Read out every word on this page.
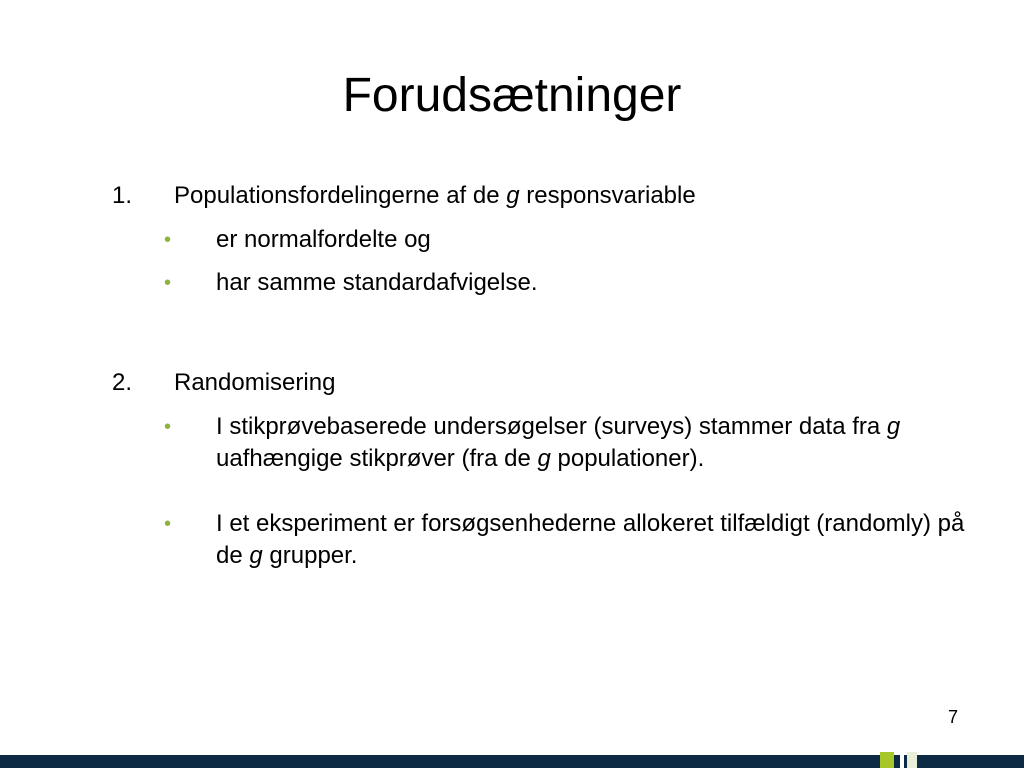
Forudsætninger
1.	Populationsfordelingerne af de g responsvariable
• er normalfordelte og
• har samme standardafvigelse.
2.	Randomisering
• I stikprøvebaserede undersøgelser (surveys) stammer data fra g uafhængige stikprøver (fra de g populationer).
• I et eksperiment er forsøgsenhederne allokeret tilfældigt (randomly) på de g grupper.
7
